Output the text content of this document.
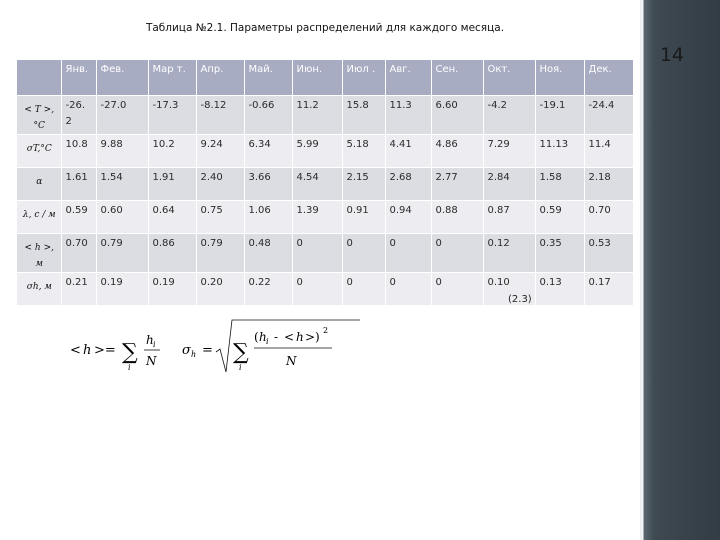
14
Таблица №2.1. Параметры распределений для каждого месяца.
	Янв.	Фев.	Мар т.	Апр.	Май.	Июн.	Июл .	Авг.	Сен.	Окт.	Ноя.	Дек.
< T >,°C	-26. 2	-27.0	-17.3	-8.12	-0.66	11.2	15.8	11.3	6.60	-4.2	-19.1	-24.4
σT,°C	10.8	9.88	10.2	9.24	6.34	5.99	5.18	4.41	4.86	7.29	11.13	11.4
α	1.61	1.54	1.91	2.40	3.66	4.54	2.15	2.68	2.77	2.84	1.58	2.18
λ, с / м	0.59	0.60	0.64	0.75	1.06	1.39	0.91	0.94	0.88	0.87	0.59	0.70
< h >, м	0.70	0.79	0.86	0.79	0.48	0	0	0	0	0.12	0.35	0.53
σh, м	0.21	0.19	0.19	0.20	0.22	0	0	0	0	0.10	0.13	0.17
(2.3)
< h >= ∑
i
h i
N
σ h = ∑
i
( h i - < h >) 2
N
